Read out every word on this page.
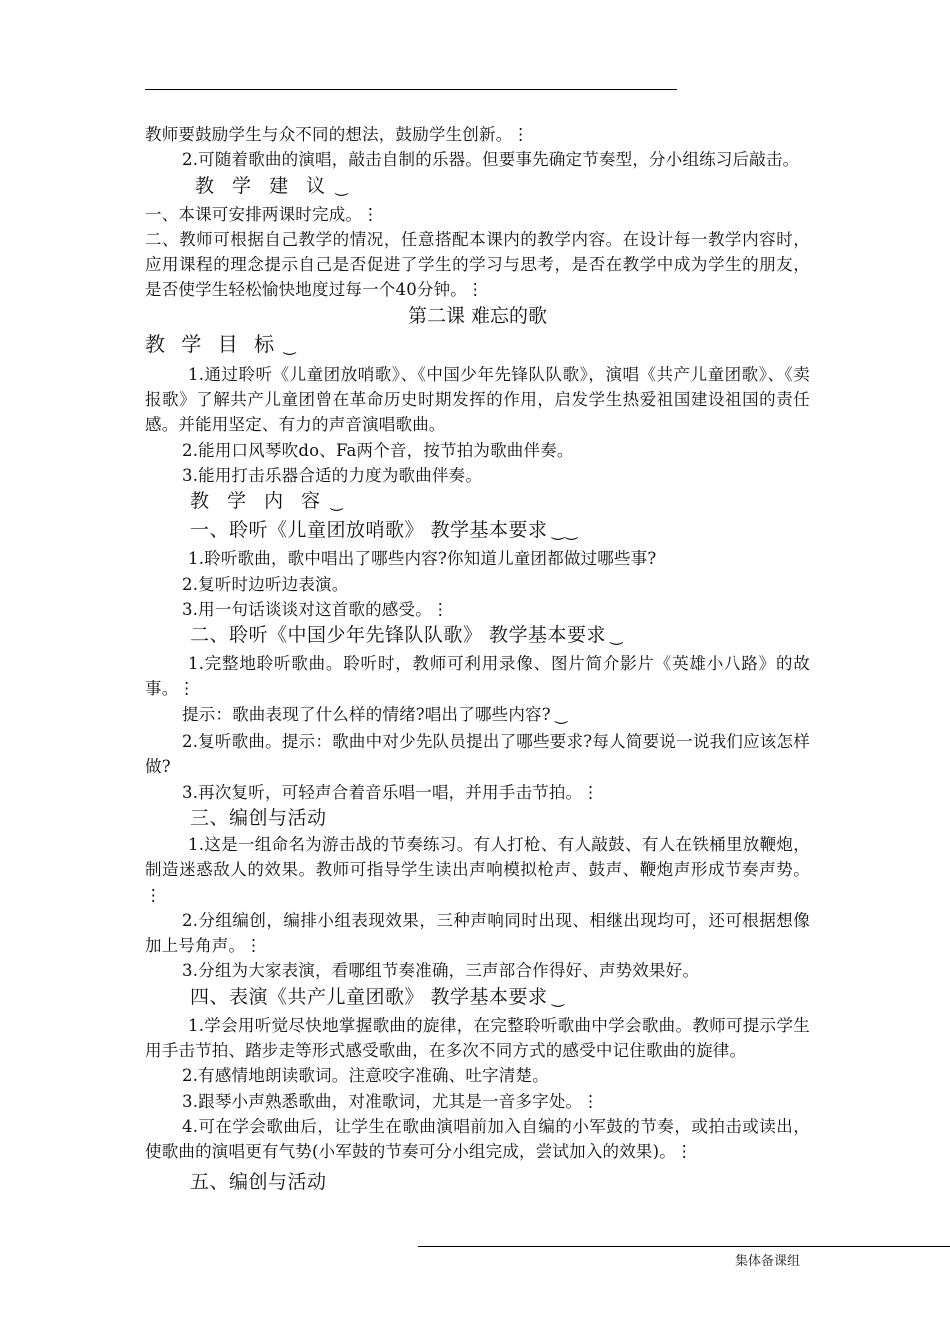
教师要鼓励学生与众不同的想法，鼓励学生创新。⋮

2.可随着歌曲的演唱，敲击自制的乐器。但要事先确定节奏型，分小组练习后敲击。

教 学 建 议 ⏝

一、本课可安排两课时完成。⋮

二、教师可根据自己教学的情况，任意搭配本课内的教学内容。在设计每一教学内容时，应用课程的理念提示自己是否促进了学生的学习与思考，是否在教学中成为学生的朋友，是否使学生轻松愉快地度过每一个40分钟。⋮

第二课 难忘的歌

教 学 目 标 ⏝

1.通过聆听《儿童团放哨歌》、《中国少年先锋队队歌》，演唱《共产儿童团歌》、《卖报歌》了解共产儿童团曾在革命历史时期发挥的作用，启发学生热爱祖国建设祖国的责任感。并能用坚定、有力的声音演唱歌曲。

2.能用口风琴吹do、Fa两个音，按节拍为歌曲伴奏。

3.能用打击乐器合适的力度为歌曲伴奏。

教 学 内 容 ⏝

一、聆听《儿童团放哨歌》 教学基本要求 ⏝⏝

1.聆听歌曲，歌中唱出了哪些内容?你知道儿童团都做过哪些事?

2.复听时边听边表演。

3.用一句话谈谈对这首歌的感受。⋮

二、聆听《中国少年先锋队队歌》 教学基本要求 ⏝

1.完整地聆听歌曲。聆听时，教师可利用录像、图片简介影片《英雄小八路》的故事。⋮

提示：歌曲表现了什么样的情绪?唱出了哪些内容? ⏝

2.复听歌曲。提示：歌曲中对少先队员提出了哪些要求?每人简要说一说我们应该怎样做?

3.再次复听，可轻声合着音乐唱一唱，并用手击节拍。⋮

三、编创与活动

1.这是一组命名为游击战的节奏练习。有人打枪、有人敲鼓、有人在铁桶里放鞭炮，制造迷惑敌人的效果。教师可指导学生读出声响模拟枪声、鼓声、鞭炮声形成节奏声势。⋮

2.分组编创，编排小组表现效果，三种声响同时出现、相继出现均可，还可根据想像加上号角声。⋮

3.分组为大家表演，看哪组节奏准确，三声部合作得好、声势效果好。

四、表演《共产儿童团歌》 教学基本要求 ⏝

1.学会用听觉尽快地掌握歌曲的旋律，在完整聆听歌曲中学会歌曲。教师可提示学生用手击节拍、踏步走等形式感受歌曲，在多次不同方式的感受中记住歌曲的旋律。

2.有感情地朗读歌词。注意咬字准确、吐字清楚。

3.跟琴小声熟悉歌曲，对准歌词，尤其是一音多字处。⋮

4.可在学会歌曲后，让学生在歌曲演唱前加入自编的小军鼓的节奏，或拍击或读出，使歌曲的演唱更有气势(小军鼓的节奏可分小组完成，尝试加入的效果)。⋮

五、编创与活动

集体备课组
